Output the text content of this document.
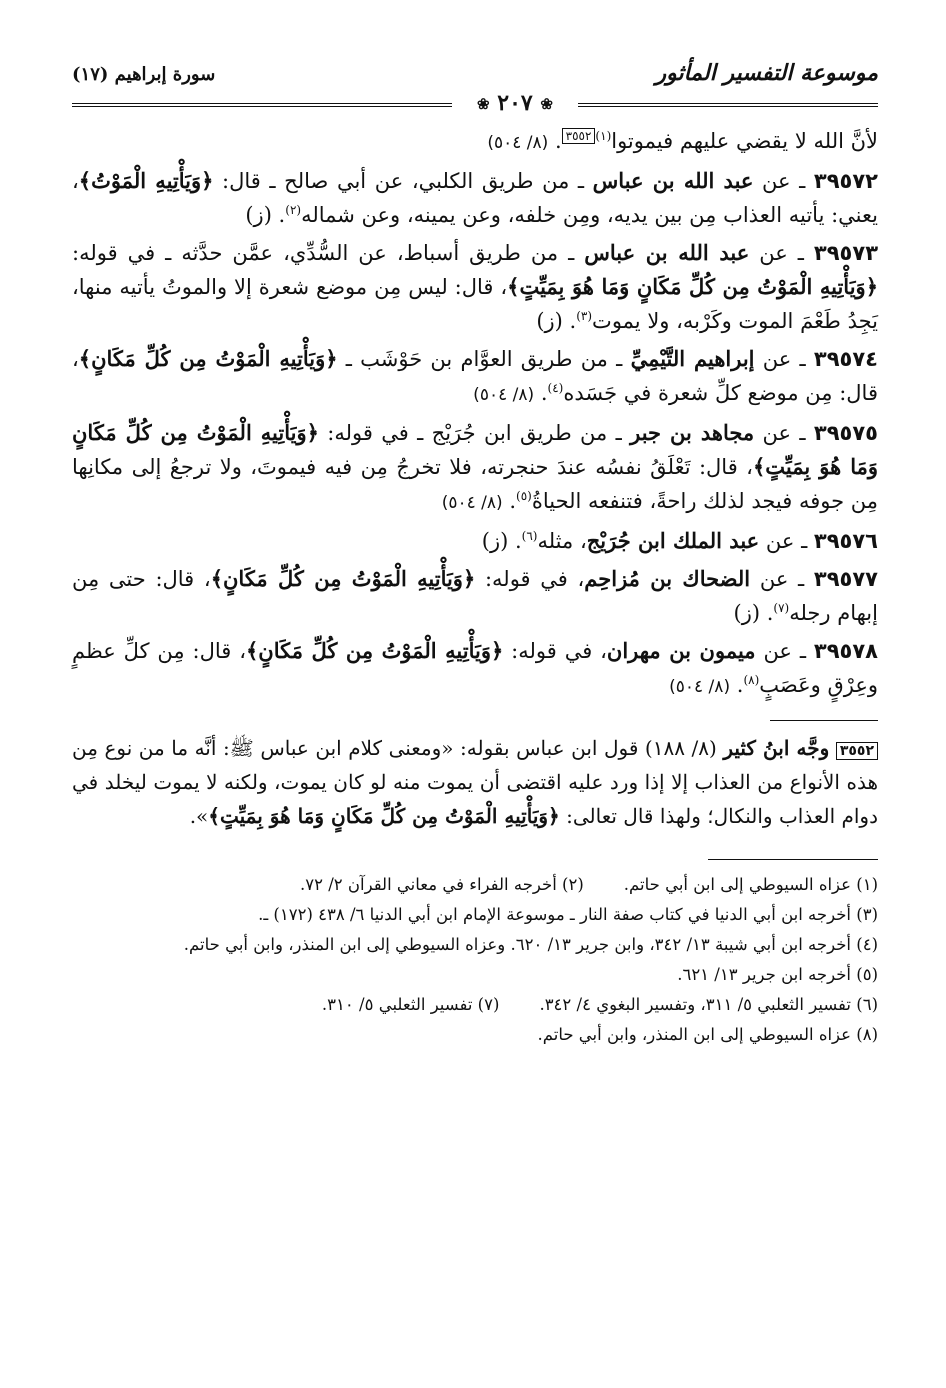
موسوعة التفسير المأثور
سورة إبراهيم (١٧)
❀ ٢٠٧ ❀

لأنَّ الله لا يقضي عليهم فيموتوا$^{(١)}$٣٥٥٢. (٨/ ٥٠٤)

٣٩٥٧٢ ـ عن عبد الله بن عباس ـ من طريق الكلبي، عن أبي صالح ـ قال: ﴿وَيَأْتِيهِ الْمَوْتُ﴾، يعني: يأتيه العذاب مِن بين يديه، ومِن خلفه، وعن يمينه، وعن شماله$^{(٢)}$. (ز)

٣٩٥٧٣ ـ عن عبد الله بن عباس ـ من طريق أسباط، عن السُّدِّي، عمَّن حدَّثه ـ في قوله: ﴿وَيَأْتِيهِ الْمَوْتُ مِن كُلِّ مَكَانٍ وَمَا هُوَ بِمَيِّتٍ﴾، قال: ليس مِن موضع شعرة إلا والموتُ يأتيه منها، يَجِدُ طَعْمَ الموت وكَرْبه، ولا يموت$^{(٣)}$. (ز)

٣٩٥٧٤ ـ عن إبراهيم التَّيْمِيِّ ـ من طريق العوَّام بن حَوْشَب ـ ﴿وَيَأْتِيهِ الْمَوْتُ مِن كُلِّ مَكَانٍ﴾، قال: مِن موضع كلِّ شعرة في جَسَده$^{(٤)}$. (٨/ ٥٠٤)

٣٩٥٧٥ ـ عن مجاهد بن جبر ـ من طريق ابن جُرَيْج ـ في قوله: ﴿وَيَأْتِيهِ الْمَوْتُ مِن كُلِّ مَكَانٍ وَمَا هُوَ بِمَيِّتٍ﴾، قال: تَعْلَقُ نفسُه عندَ حنجرته، فلا تخرجُ مِن فيه فيموتَ، ولا ترجعُ إلى مكانِها مِن جوفه فيجد لذلك راحةً، فتنفعه الحياةُ$^{(٥)}$. (٨/ ٥٠٤)

٣٩٥٧٦ ـ عن عبد الملك ابن جُرَيْج، مثله$^{(٦)}$. (ز)

٣٩٥٧٧ ـ عن الضحاك بن مُزاحِم، في قوله: ﴿وَيَأْتِيهِ الْمَوْتُ مِن كُلِّ مَكَانٍ﴾، قال: حتى مِن إبهام رجله$^{(٧)}$. (ز)

٣٩٥٧٨ ـ عن ميمون بن مهران، في قوله: ﴿وَيَأْتِيهِ الْمَوْتُ مِن كُلِّ مَكَانٍ﴾، قال: مِن كلِّ عظمٍ وعِرْقٍ وعَصَبٍ$^{(٨)}$. (٨/ ٥٠٤)

٣٥٥٢ وجَّه ابنُ كثير (٨/ ١٨٨) قول ابن عباس بقوله: «ومعنى كلام ابن عباس ﷺ: أنَّه ما من نوع مِن هذه الأنواع من العذاب إلا إذا ورد عليه اقتضى أن يموت منه لو كان يموت، ولكنه لا يموت ليخلد في دوام العذاب والنكال؛ ولهذا قال تعالى: ﴿وَيَأْتِيهِ الْمَوْتُ مِن كُلِّ مَكَانٍ وَمَا هُوَ بِمَيِّتٍ﴾».
(١) عزاه السيوطي إلى ابن أبي حاتم.
(٢) أخرجه الفراء في معاني القرآن ٢/ ٧٢.

(٣) أخرجه ابن أبي الدنيا في كتاب صفة النار ـ موسوعة الإمام ابن أبي الدنيا ٦/ ٤٣٨ (١٧٢) ـ.

(٤) أخرجه ابن أبي شيبة ١٣/ ٣٤٢، وابن جرير ١٣/ ٦٢٠. وعزاه السيوطي إلى ابن المنذر، وابن أبي حاتم.

(٥) أخرجه ابن جرير ١٣/ ٦٢١.

(٦) تفسير الثعلبي ٥/ ٣١١، وتفسير البغوي ٤/ ٣٤٢.
(٧) تفسير الثعلبي ٥/ ٣١٠.

(٨) عزاه السيوطي إلى ابن المنذر، وابن أبي حاتم.
